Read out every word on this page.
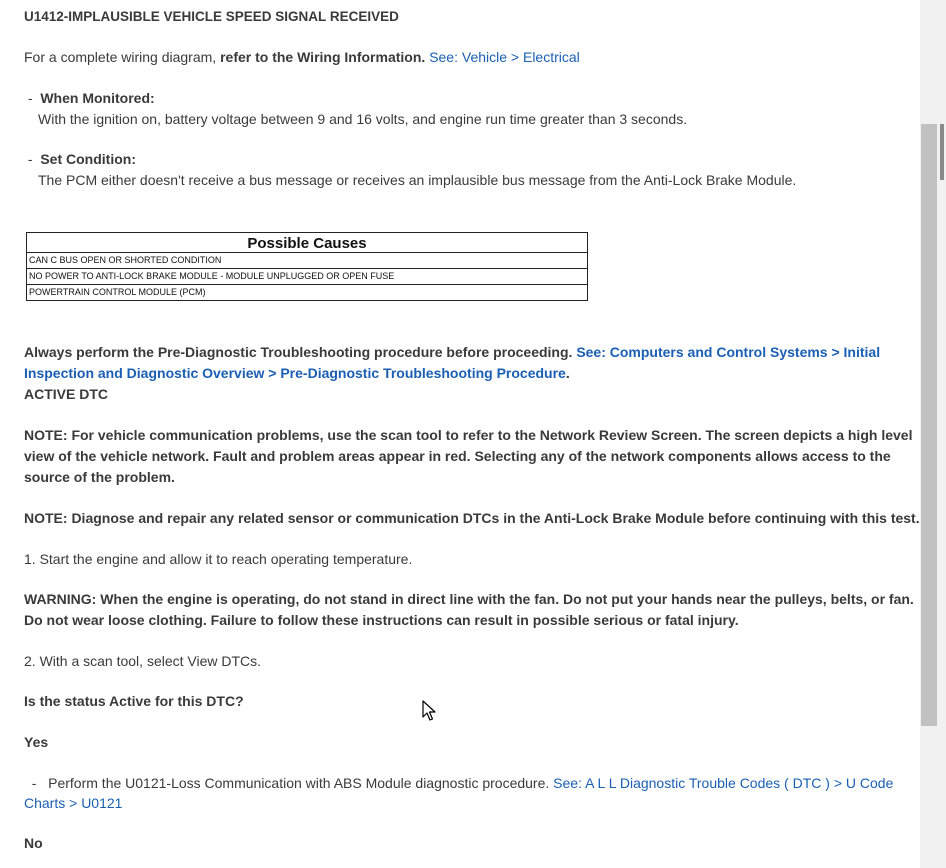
U1412-IMPLAUSIBLE VEHICLE SPEED SIGNAL RECEIVED
For a complete wiring diagram, refer to the Wiring Information. See: Vehicle > Electrical
- When Monitored:
With the ignition on, battery voltage between 9 and 16 volts, and engine run time greater than 3 seconds.
- Set Condition:
The PCM either doesn't receive a bus message or receives an implausible bus message from the Anti-Lock Brake Module.
Possible Causes
CAN C BUS OPEN OR SHORTED CONDITION
NO POWER TO ANTI-LOCK BRAKE MODULE - MODULE UNPLUGGED OR OPEN FUSE
POWERTRAIN CONTROL MODULE (PCM)
Always perform the Pre-Diagnostic Troubleshooting procedure before proceeding. See: Computers and Control Systems > Initial Inspection and Diagnostic Overview > Pre-Diagnostic Troubleshooting Procedure.
ACTIVE DTC
NOTE: For vehicle communication problems, use the scan tool to refer to the Network Review Screen. The screen depicts a high level view of the vehicle network. Fault and problem areas appear in red. Selecting any of the network components allows access to the source of the problem.
NOTE: Diagnose and repair any related sensor or communication DTCs in the Anti-Lock Brake Module before continuing with this test.
1. Start the engine and allow it to reach operating temperature.
WARNING: When the engine is operating, do not stand in direct line with the fan. Do not put your hands near the pulleys, belts, or fan. Do not wear loose clothing. Failure to follow these instructions can result in possible serious or fatal injury.
2. With a scan tool, select View DTCs.
Is the status Active for this DTC?
Yes
- Perform the U0121-Loss Communication with ABS Module diagnostic procedure. See: A L L Diagnostic Trouble Codes ( DTC ) > U Code Charts > U0121
No
